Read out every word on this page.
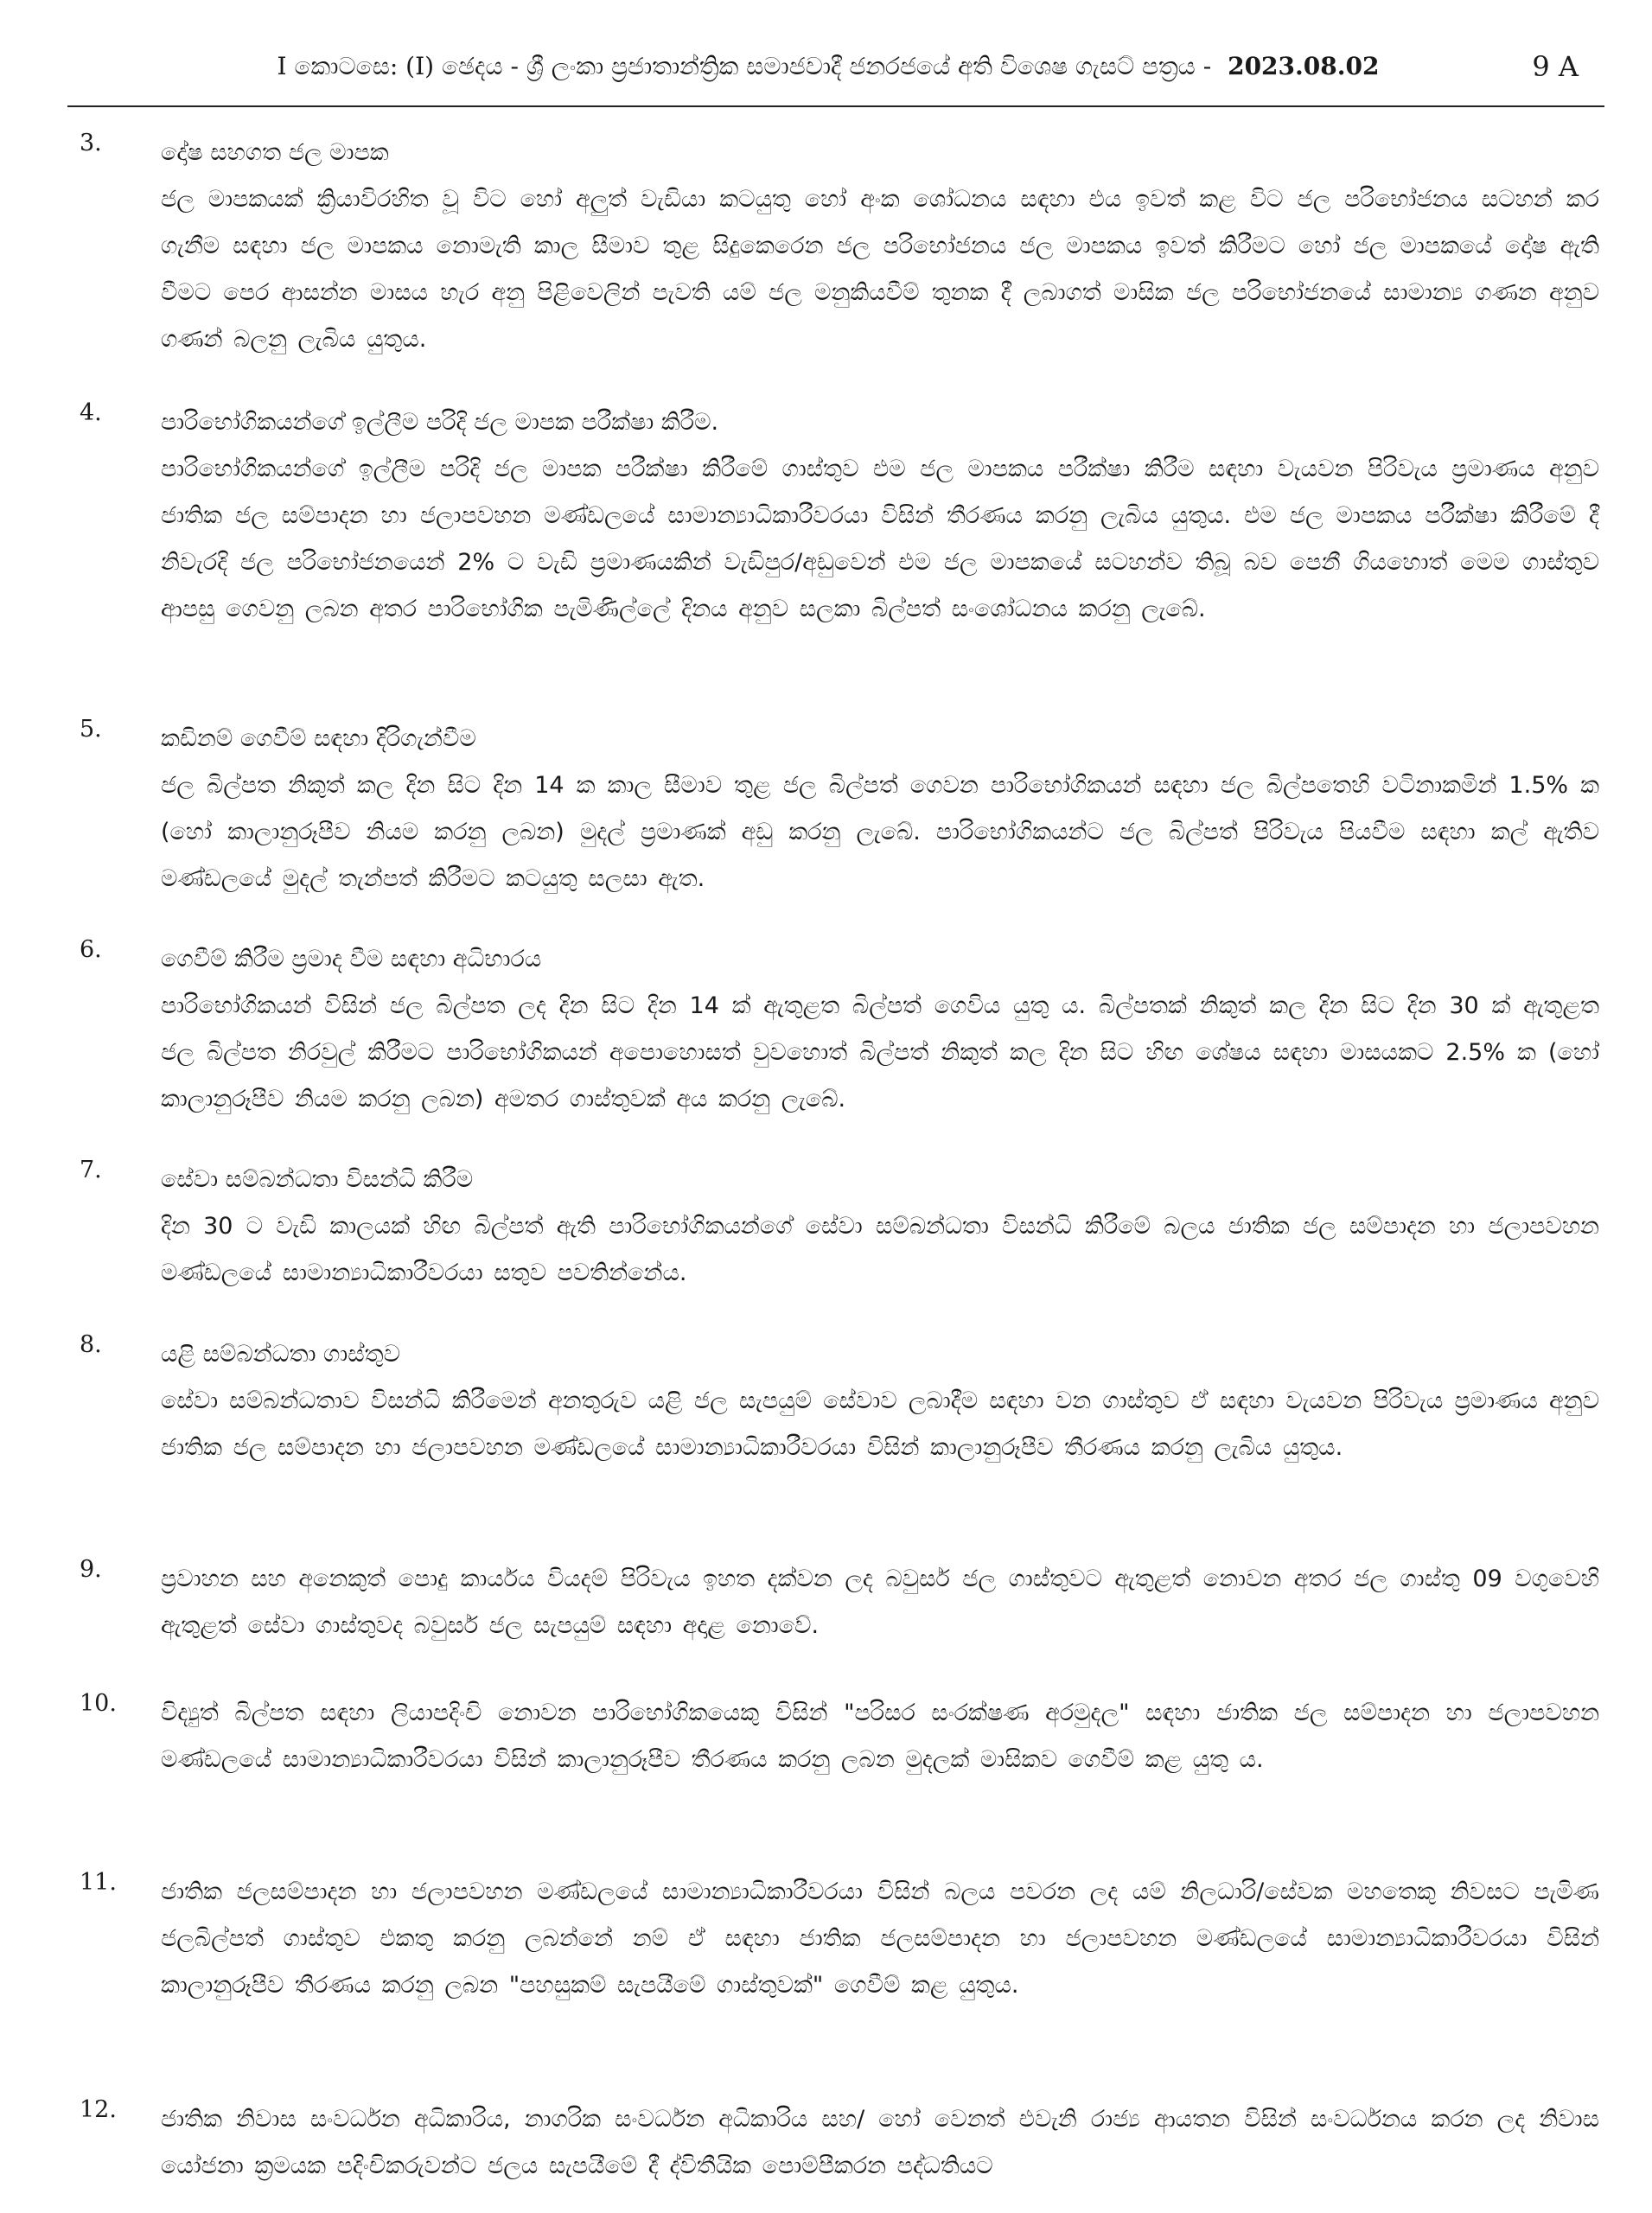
I කොටසෙ: (I) ඡෙදය - ශ්‍රී ලංකා ප්‍රජාතාන්ත්‍රික සමාජවාදී ජනරජයේ අති විශෙෂ ගැසට් පත්‍රය - 2023.08.02	9 A
3.	දෝෂ සහගත ජල මාපක
ජල මාපකයක් ක්‍රියාවිරහිත වූ විට හෝ අලුත් වැඩියා කටයුතු හෝ අංක ශෝධනය සඳහා එය ඉවත් කළ විට ජල පරිභෝජනය සටහන් කර ගැනීම සඳහා ජල මාපකය නොමැති කාල සීමාව තුළ සිදුකෙරෙන ජල පරිභෝජනය ජල මාපකය ඉවත් කිරීමට හෝ ජල මාපකයේ දෝෂ ඇති වීමට පෙර ආසන්න මාසය හැර අනු පිළිවෙලින් පැවති යම් ජල මනුකියවීම් තුනක දී ලබාගත් මාසික ජල පරිභෝජනයේ සාමාන්‍ය ගණන අනුව ගණන් බලනු ලැබිය යුතුය.
4.	පාරිභෝගිකයන්ගේ ඉල්ලීම පරිදි ජල මාපක පරීක්ෂා කිරීම.
පාරිභෝගිකයන්ගේ ඉල්ලීම පරිදි ජල මාපක පරීක්ෂා කිරීමේ ගාස්තුව එම ජල මාපකය පරීක්ෂා කිරීම සඳහා වැයවන පිරිවැය ප්‍රමාණය අනුව ජාතික ජල සම්පාදන හා ජලාපවහන මණ්ඩලයේ සාමාන්‍යාධිකාරීවරයා විසින් තීරණය කරනු ලැබිය යුතුය. එම ජල මාපකය පරීක්ෂා කිරීමේ දී නිවැරදි ජල පරිභෝජනයෙන් 2% ට වැඩි ප්‍රමාණයකින් වැඩිපුර/අඩුවෙන් එම ජල මාපකයේ සටහන්ව තිබූ බව පෙනී ගියහොත් මෙම ගාස්තුව ආපසු ගෙවනු ලබන අතර පාරිභෝගික පැමිණිල්ලේ දිනය අනුව සලකා බිල්පත් සංශෝධනය කරනු ලැබේ.
5.	කඩිනම් ගෙවීම් සඳහා දිරිගැන්වීම
ජල බිල්පත නිකුත් කල දින සිට දින 14 ක කාල සීමාව තුළ ජල බිල්පත් ගෙවන පාරිභෝගිකයන් සඳහා ජල බිල්පතෙහි වටිනාකමින් 1.5% ක (හෝ කාලානුරූපීව නියම කරනු ලබන) මුදල් ප්‍රමාණක් අඩු කරනු ලැබේ. පාරිභෝගිකයන්ට ජල බිල්පත් පිරිවැය පියවීම සඳහා කල් ඇතිව මණ්ඩලයේ මුදල් තැන්පත් කිරීමට කටයුතු සලසා ඇත.
6.	ගෙවීම් කිරීම ප්‍රමාද වීම සඳහා අධිභාරය
පාරිභෝගිකයන් විසින් ජල බිල්පත ලද දින සිට දින 14 ක් ඇතුළත බිල්පත් ගෙවිය යුතු ය. බිල්පතක් නිකුත් කල දින සිට දින 30 ක් ඇතුළත ජල බිල්පත නිරවුල් කිරීමට පාරිභෝගිකයන් අපොහොසත් වුවහොත් බිල්පත් නිකුත් කල දින සිට හිඟ ශේෂය සඳහා මාසයකට 2.5% ක (හෝ කාලානුරූපීව නියම කරනු ලබන) අමතර ගාස්තුවක් අය කරනු ලැබේ.
7.	සේවා සම්බන්ධතා විසන්ධි කිරීම
දින 30 ට වැඩි කාලයක් හිඟ බිල්පත් ඇති පාරිභෝගිකයන්ගේ සේවා සම්බන්ධතා විසන්ධි කිරීමේ බලය ජාතික ජල සම්පාදන හා ජලාපවහන මණ්ඩලයේ සාමාන්‍යාධිකාරීවරයා සතුව පවතින්නේය.
8.	යළි සම්බන්ධතා ගාස්තුව
සේවා සම්බන්ධතාව විසන්ධි කිරීමෙන් අනතුරුව යළි ජල සැපයුම් සේවාව ලබාදීම සඳහා වන ගාස්තුව ඒ සඳහා වැයවන පිරිවැය ප්‍රමාණය අනුව ජාතික ජල සම්පාදන හා ජලාපවහන මණ්ඩලයේ සාමාන්‍යාධිකාරීවරයා විසින් කාලානුරූපීව තීරණය කරනු ලැබිය යුතුය.
9.	ප්‍රවාහන සහ අනෙකුත් පොදු කාර්යය වියදම් පිරිවැය ඉහත දක්වන ලද බවුසර් ජල ගාස්තුවට ඇතුළත් නොවන අතර ජල ගාස්තු 09 වගුවෙහි ඇතුළත් සේවා ගාස්තුවද බවුසර් ජල සැපයුම් සඳහා අදාළ නොවේ.
10. විද්‍යුත් බිල්පත සඳහා ලියාපදිංචි නොවන පාරිභෝගිකයෙකු විසින් "පරිසර සංරක්ෂණ අරමුදල" සඳහා ජාතික ජල සම්පාදන හා ජලාපවහන මණ්ඩලයේ සාමාන්‍යාධිකාරීවරයා විසින් කාලානුරූපීව තීරණය කරනු ලබන මුදලක් මාසිකව ගෙවීම් කළ යුතු ය.
11. ජාතික ජලසම්පාදන හා ජලාපවහන මණ්ඩලයේ සාමාන්‍යාධිකාරීවරයා විසින් බලය පවරන ලද යම් නිලධාරි/සේවක මහතෙකු නිවසට පැමිණ ජලබිල්පත් ගාස්තුව එකතු කරනු ලබන්නේ නම් ඒ සඳහා ජාතික ජලසම්පාදන හා ජලාපවහන මණ්ඩලයේ සාමාන්‍යාධිකාරීවරයා විසින් කාලානුරූපීව තීරණය කරනු ලබන "පහසුකම් සැපයීමේ ගාස්තුවක්" ගෙවීම් කළ යුතුය.
12. ජාතික නිවාස සංවර්ධන අධිකාරිය, නාගරික සංවර්ධන අධිකාරිය සහ/ හෝ වෙනත් එවැනි රාජ්‍ය ආයතන විසින් සංවර්ධනය කරන ලද නිවාස යෝජනා ක්‍රමයක පදිංචිකරුවන්ට ජලය සැපයීමේ දී ද්විතීයික පොම්පීකරන පද්ධතියට
